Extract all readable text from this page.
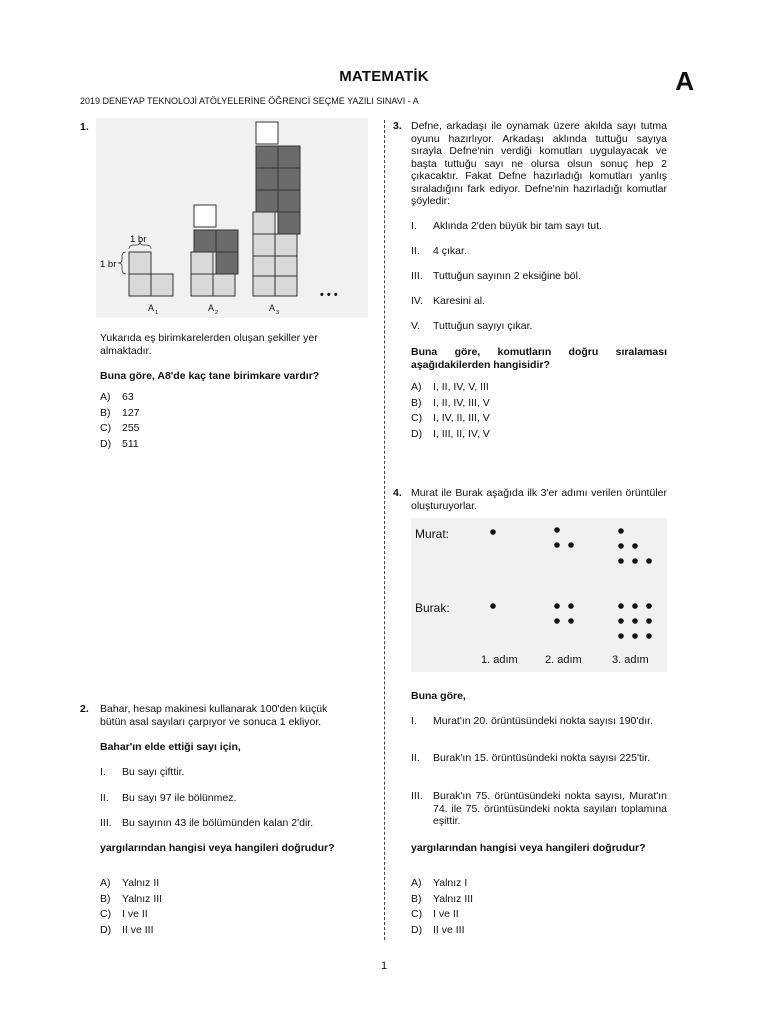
MATEMATİK	A
2019 DENEYAP TEKNOLOJİ ATÖLYELERİNE ÖĞRENCİ SEÇME YAZILI SINAVI - A
1.
1 br
1 br
A 1	A 2	A 3
• • •
Yukarıda eş birimkarelerden oluşan şekiller yer almaktadır.
Buna göre, A8'de kaç tane birimkare vardır?
A)	63
B)	127
C)	255
D)	511
2. Bahar, hesap makinesi kullanarak 100'den küçük bütün asal sayıları çarpıyor ve sonuca 1 ekliyor.
Bahar'ın elde ettiği sayı için,
I.	Bu sayı çifttir.
II.	Bu sayı 97 ile bölünmez.
III. Bu sayının 43 ile bölümünden kalan 2'dir.
yargılarından hangisi veya hangileri doğrudur?
A)	Yalnız II
B)	Yalnız III
C)	I ve II
D)	II ve III
3. Defne, arkadaşı ile oynamak üzere akılda sayı tutma oyunu hazırlıyor. Arkadaşı aklında tuttuğu sayıya sırayla Defne'nin verdiği komutları uygulayacak ve başta tuttuğu sayı ne olursa olsun sonuç hep 2 çıkacaktır. Fakat Defne hazırladığı komutları yanlış sıraladığını fark ediyor. Defne'nin hazırladığı komutlar şöyledir:
I.	Aklında 2'den büyük bir tam sayı tut.
II.	4 çıkar.
III. Tuttuğun sayının 2 eksiğine böl.
IV. Karesini al.
V.	Tuttuğun sayıyı çıkar.
Buna göre, komutların doğru sıralaması aşağıdakilerden hangisidir?
A)	I, II, IV, V, III
B)	I, II, IV, III, V
C)	I, IV, II, III, V
D)	I, III, II, IV, V
4. Murat ile Burak aşağıda ilk 3'er adımı verilen örüntüler oluşturuyorlar.
Murat:
Burak:
1. adım 2. adım	3. adım
Buna göre,
I.	Murat'ın 20. örüntüsündeki nokta sayısı 190'dır.
II.	Burak'ın 15. örüntüsündeki nokta sayısı 225'tir.
III. Burak'ın 75. örüntüsündeki nokta sayısı, Murat'ın 74. ile 75. örüntüsündeki nokta sayıları toplamına eşittir.
yargılarından hangisi veya hangileri doğrudur?
A)	Yalnız I
B)	Yalnız III
C)	I ve II
D)	II ve III
1
